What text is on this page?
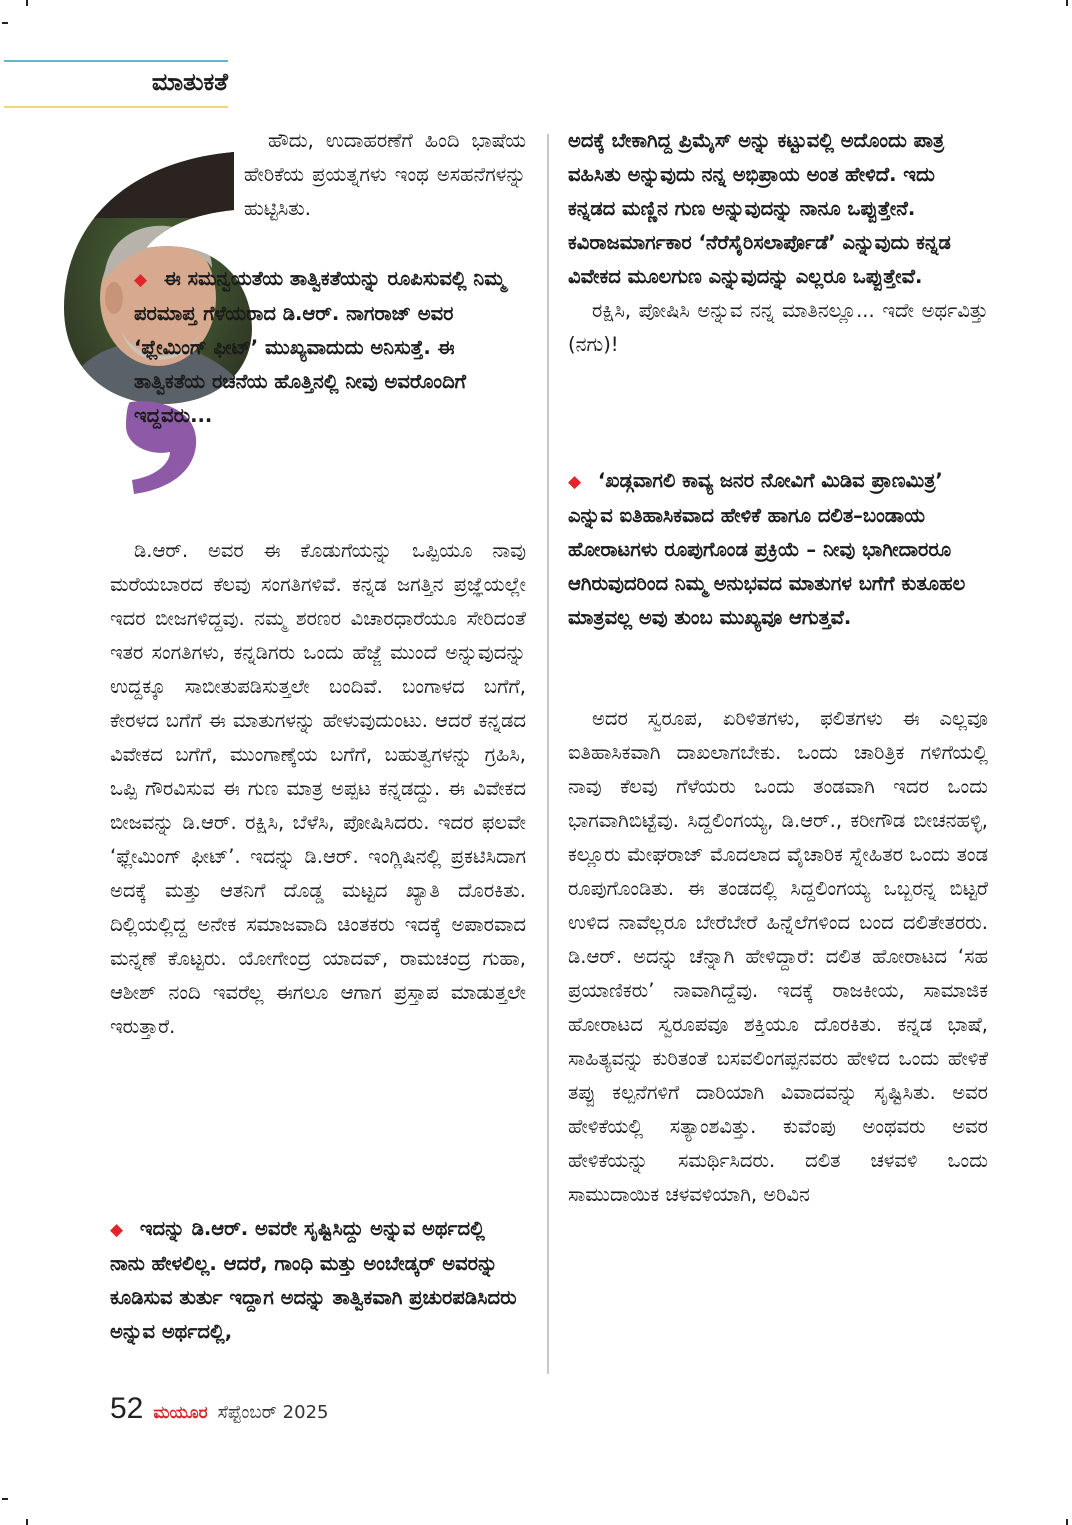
ಮಾತುಕತೆ

ಹೌದು, ಉದಾಹರಣೆಗೆ ಹಿಂದಿ ಭಾಷೆಯ ಹೇರಿಕೆಯ ಪ್ರಯತ್ನಗಳು ಇಂಥ ಅಸಹನೆಗಳನ್ನು ಹುಟ್ಟಿಸಿತು.

◆ ಈ ಸಮನ್ವಯತೆಯ ತಾತ್ವಿಕತೆಯನ್ನು ರೂಪಿಸುವಲ್ಲಿ ನಿಮ್ಮ ಪರಮಾಪ್ತ ಗೆಳೆಯರಾದ ಡಿ.ಆರ್. ನಾಗರಾಜ್ ಅವರ ‘ಫ್ಲೇಮಿಂಗ್ ಫೀಟ್’ ಮುಖ್ಯವಾದುದು ಅನಿಸುತ್ತೆ. ಈ ತಾತ್ವಿಕತೆಯ ರಚನೆಯ ಹೊತ್ತಿನಲ್ಲಿ ನೀವು ಅವರೊಂದಿಗೆ ಇದ್ದವರು...

ಡಿ.ಆರ್. ಅವರ ಈ ಕೊಡುಗೆಯನ್ನು ಒಪ್ಪಿಯೂ ನಾವು ಮರೆಯಬಾರದ ಕೆಲವು ಸಂಗತಿಗಳಿವೆ. ಕನ್ನಡ ಜಗತ್ತಿನ ಪ್ರಜ್ಞೆಯಲ್ಲೇ ಇದರ ಬೀಜಗಳಿದ್ದವು. ನಮ್ಮ ಶರಣರ ವಿಚಾರಧಾರೆಯೂ ಸೇರಿದಂತೆ ಇತರ ಸಂಗತಿಗಳು, ಕನ್ನಡಿಗರು ಒಂದು ಹೆಜ್ಜೆ ಮುಂದೆ ಅನ್ನುವುದನ್ನು ಉದ್ದಕ್ಕೂ ಸಾಬೀತುಪಡಿಸುತ್ತಲೇ ಬಂದಿವೆ. ಬಂಗಾಳದ ಬಗೆಗೆ, ಕೇರಳದ ಬಗೆಗೆ ಈ ಮಾತುಗಳನ್ನು ಹೇಳುವುದುಂಟು. ಆದರೆ ಕನ್ನಡದ ವಿವೇಕದ ಬಗೆಗೆ, ಮುಂಗಾಣ್ಕೆಯ ಬಗೆಗೆ, ಬಹುತ್ವಗಳನ್ನು ಗ್ರಹಿಸಿ, ಒಪ್ಪಿ ಗೌರವಿಸುವ ಈ ಗುಣ ಮಾತ್ರ ಅಪ್ಪಟ ಕನ್ನಡದ್ದು. ಈ ವಿವೇಕದ ಬೀಜವನ್ನು ಡಿ.ಆರ್. ರಕ್ಷಿಸಿ, ಬೆಳೆಸಿ, ಪೋಷಿಸಿದರು. ಇದರ ಫಲವೇ ‘ಫ್ಲೇಮಿಂಗ್ ಫೀಟ್’. ಇದನ್ನು ಡಿ.ಆರ್. ಇಂಗ್ಲಿಷಿನಲ್ಲಿ ಪ್ರಕಟಿಸಿದಾಗ ಅದಕ್ಕೆ ಮತ್ತು ಆತನಿಗೆ ದೊಡ್ಡ ಮಟ್ಟದ ಖ್ಯಾತಿ ದೊರಕಿತು. ದಿಲ್ಲಿಯಲ್ಲಿದ್ದ ಅನೇಕ ಸಮಾಜವಾದಿ ಚಿಂತಕರು ಇದಕ್ಕೆ ಅಪಾರವಾದ ಮನ್ನಣೆ ಕೊಟ್ಟರು. ಯೋಗೇಂದ್ರ ಯಾದವ್, ರಾಮಚಂದ್ರ ಗುಹಾ, ಆಶೀಶ್ ನಂದಿ ಇವರೆಲ್ಲ ಈಗಲೂ ಆಗಾಗ ಪ್ರಸ್ತಾಪ ಮಾಡುತ್ತಲೇ ಇರುತ್ತಾರೆ.

◆ ಇದನ್ನು ಡಿ.ಆರ್. ಅವರೇ ಸೃಷ್ಟಿಸಿದ್ದು ಅನ್ನುವ ಅರ್ಥದಲ್ಲಿ ನಾನು ಹೇಳಲಿಲ್ಲ. ಆದರೆ, ಗಾಂಧಿ ಮತ್ತು ಅಂಬೇಡ್ಕರ್ ಅವರನ್ನು ಕೂಡಿಸುವ ತುರ್ತು ಇದ್ದಾಗ ಅದನ್ನು ತಾತ್ವಿಕವಾಗಿ ಪ್ರಚುರಪಡಿಸಿದರು ಅನ್ನುವ ಅರ್ಥದಲ್ಲಿ,

ಅದಕ್ಕೆ ಬೇಕಾಗಿದ್ದ ಪ್ರಿಮೈಸ್ ಅನ್ನು ಕಟ್ಟುವಲ್ಲಿ ಅದೊಂದು ಪಾತ್ರ ವಹಿಸಿತು ಅನ್ನುವುದು ನನ್ನ ಅಭಿಪ್ರಾಯ ಅಂತ ಹೇಳಿದೆ. ಇದು ಕನ್ನಡದ ಮಣ್ಣಿನ ಗುಣ ಅನ್ನುವುದನ್ನು ನಾನೂ ಒಪ್ಪುತ್ತೇನೆ. ಕವಿರಾಜಮಾರ್ಗಕಾರ ‘ನೆರೆಸೈರಿಸಲಾರ್ಪೊಡೆ’ ಎನ್ನುವುದು ಕನ್ನಡ ವಿವೇಕದ ಮೂಲಗುಣ ಎನ್ನುವುದನ್ನು ಎಲ್ಲರೂ ಒಪ್ಪುತ್ತೇವೆ.

ರಕ್ಷಿಸಿ, ಪೋಷಿಸಿ ಅನ್ನುವ ನನ್ನ ಮಾತಿನಲ್ಲೂ... ಇದೇ ಅರ್ಥವಿತ್ತು (ನಗು)!

◆ ‘ಖಡ್ಗವಾಗಲಿ ಕಾವ್ಯ ಜನರ ನೋವಿಗೆ ಮಿಡಿವ ಪ್ರಾಣಮಿತ್ರ’ ಎನ್ನುವ ಐತಿಹಾಸಿಕವಾದ ಹೇಳಿಕೆ ಹಾಗೂ ದಲಿತ–ಬಂಡಾಯ ಹೋರಾಟಗಳು ರೂಪುಗೊಂಡ ಪ್ರಕ್ರಿಯೆ – ನೀವು ಭಾಗೀದಾರರೂ ಆಗಿರುವುದರಿಂದ ನಿಮ್ಮ ಅನುಭವದ ಮಾತುಗಳ ಬಗೆಗೆ ಕುತೂಹಲ ಮಾತ್ರವಲ್ಲ ಅವು ತುಂಬ ಮುಖ್ಯವೂ ಆಗುತ್ತವೆ.

ಅದರ ಸ್ವರೂಪ, ಏರಿಳಿತಗಳು, ಫಲಿತಗಳು ಈ ಎಲ್ಲವೂ ಐತಿಹಾಸಿಕವಾಗಿ ದಾಖಲಾಗಬೇಕು. ಒಂದು ಚಾರಿತ್ರಿಕ ಗಳಿಗೆಯಲ್ಲಿ ನಾವು ಕೆಲವು ಗೆಳೆಯರು ಒಂದು ತಂಡವಾಗಿ ಇದರ ಒಂದು ಭಾಗವಾಗಿಬಿಟ್ಟೆವು. ಸಿದ್ದಲಿಂಗಯ್ಯ, ಡಿ.ಆರ್., ಕರೀಗೌಡ ಬೀಚನಹಳ್ಳಿ, ಕಲ್ಲೂರು ಮೇಘರಾಜ್ ಮೊದಲಾದ ವೈಚಾರಿಕ ಸ್ನೇಹಿತರ ಒಂದು ತಂಡ ರೂಪುಗೊಂಡಿತು. ಈ ತಂಡದಲ್ಲಿ ಸಿದ್ದಲಿಂಗಯ್ಯ ಒಬ್ಬರನ್ನ ಬಿಟ್ಟರೆ ಉಳಿದ ನಾವೆಲ್ಲರೂ ಬೇರೆಬೇರೆ ಹಿನ್ನೆಲೆಗಳಿಂದ ಬಂದ ದಲಿತೇತರರು. ಡಿ.ಆರ್. ಅದನ್ನು ಚೆನ್ನಾಗಿ ಹೇಳಿದ್ದಾರೆ: ದಲಿತ ಹೋರಾಟದ ‘ಸಹ ಪ್ರಯಾಣಿಕರು’ ನಾವಾಗಿದ್ದೆವು. ಇದಕ್ಕೆ ರಾಜಕೀಯ, ಸಾಮಾಜಿಕ ಹೋರಾಟದ ಸ್ವರೂಪವೂ ಶಕ್ತಿಯೂ ದೊರಕಿತು. ಕನ್ನಡ ಭಾಷೆ, ಸಾಹಿತ್ಯವನ್ನು ಕುರಿತಂತೆ ಬಸವಲಿಂಗಪ್ಪನವರು ಹೇಳಿದ ಒಂದು ಹೇಳಿಕೆ ತಪ್ಪು ಕಲ್ಪನೆಗಳಿಗೆ ದಾರಿಯಾಗಿ ವಿವಾದವನ್ನು ಸೃಷ್ಟಿಸಿತು. ಅವರ ಹೇಳಿಕೆಯಲ್ಲಿ ಸತ್ಯಾಂಶವಿತ್ತು. ಕುವೆಂಪು ಅಂಥವರು ಅವರ ಹೇಳಿಕೆಯನ್ನು ಸಮರ್ಥಿಸಿದರು. ದಲಿತ ಚಳವಳಿ ಒಂದು ಸಾಮುದಾಯಿಕ ಚಳವಳಿಯಾಗಿ, ಅರಿವಿನ

52 ಮಯೂರ ಸೆಪ್ಟೆಂಬರ್ 2025
